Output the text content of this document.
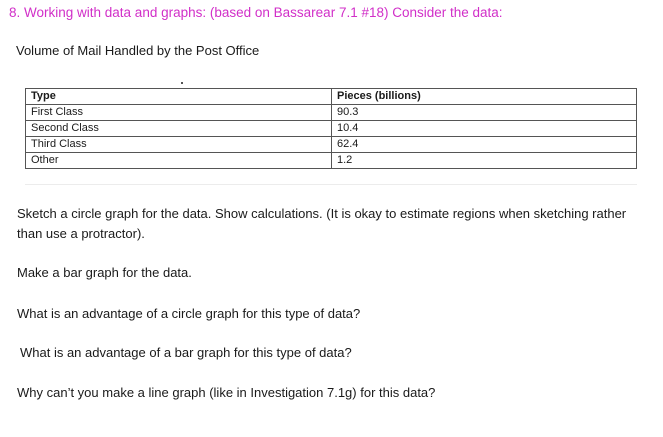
8. Working with data and graphs: (based on Bassarear 7.1 #18) Consider the data:
Volume of Mail Handled by the Post Office
Type	Pieces (billions)
First Class	90.3
Second Class	10.4
Third Class	62.4
Other	1.2
Sketch a circle graph for the data. Show calculations. (It is okay to estimate regions when sketching rather than use a protractor).
Make a bar graph for the data.
What is an advantage of a circle graph for this type of data?
What is an advantage of a bar graph for this type of data?
Why can’t you make a line graph (like in Investigation 7.1g) for this data?
